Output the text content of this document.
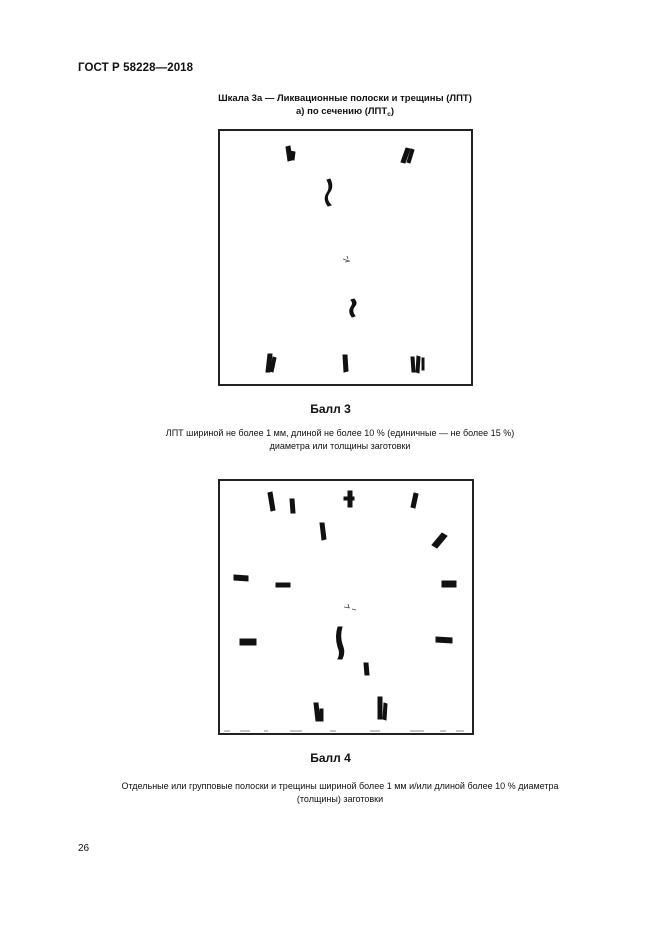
ГОСТ Р 58228—2018
Шкала 3а — Ликвационные полоски и трещины (ЛПТ)
а) по сечению $(ЛПТ_с)$
Балл 3
ЛПТ шириной не более 1 мм, длиной не более 10 % (единичные — не более 15 %)
диаметра или толщины заготовки
Балл 4
Отдельные или групповые полоски и трещины шириной более 1 мм и/или длиной более 10 % диаметра
(толщины) заготовки
26
